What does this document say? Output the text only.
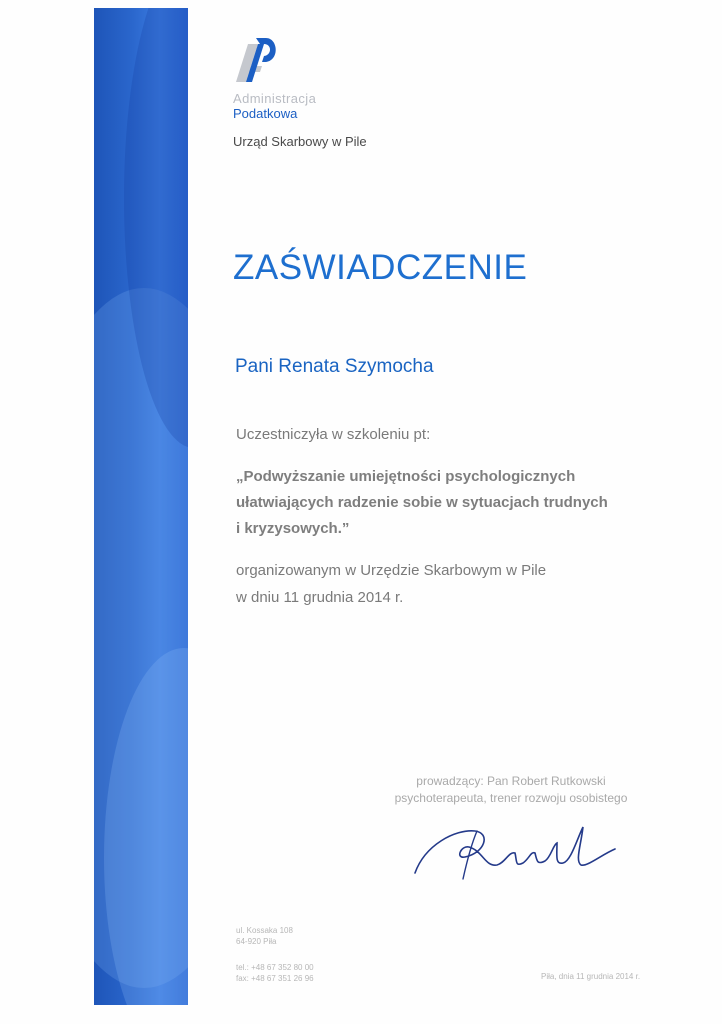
Administracja
Podatkowa
Urząd Skarbowy w Pile
ZAŚWIADCZENIE
Pani Renata Szymocha
Uczestniczyła w szkoleniu pt:
„Podwyższanie umiejętności psychologicznych
ułatwiających radzenie sobie w sytuacjach trudnych
i kryzysowych.”
organizowanym w Urzędzie Skarbowym w Pile
w dniu 11 grudnia 2014 r.
prowadzący: Pan Robert Rutkowski
psychoterapeuta, trener rozwoju osobistego
ul. Kossaka 108
64-920 Piła
tel.: +48 67 352 80 00
fax: +48 67 351 26 96	Piła, dnia 11 grudnia 2014 r.
